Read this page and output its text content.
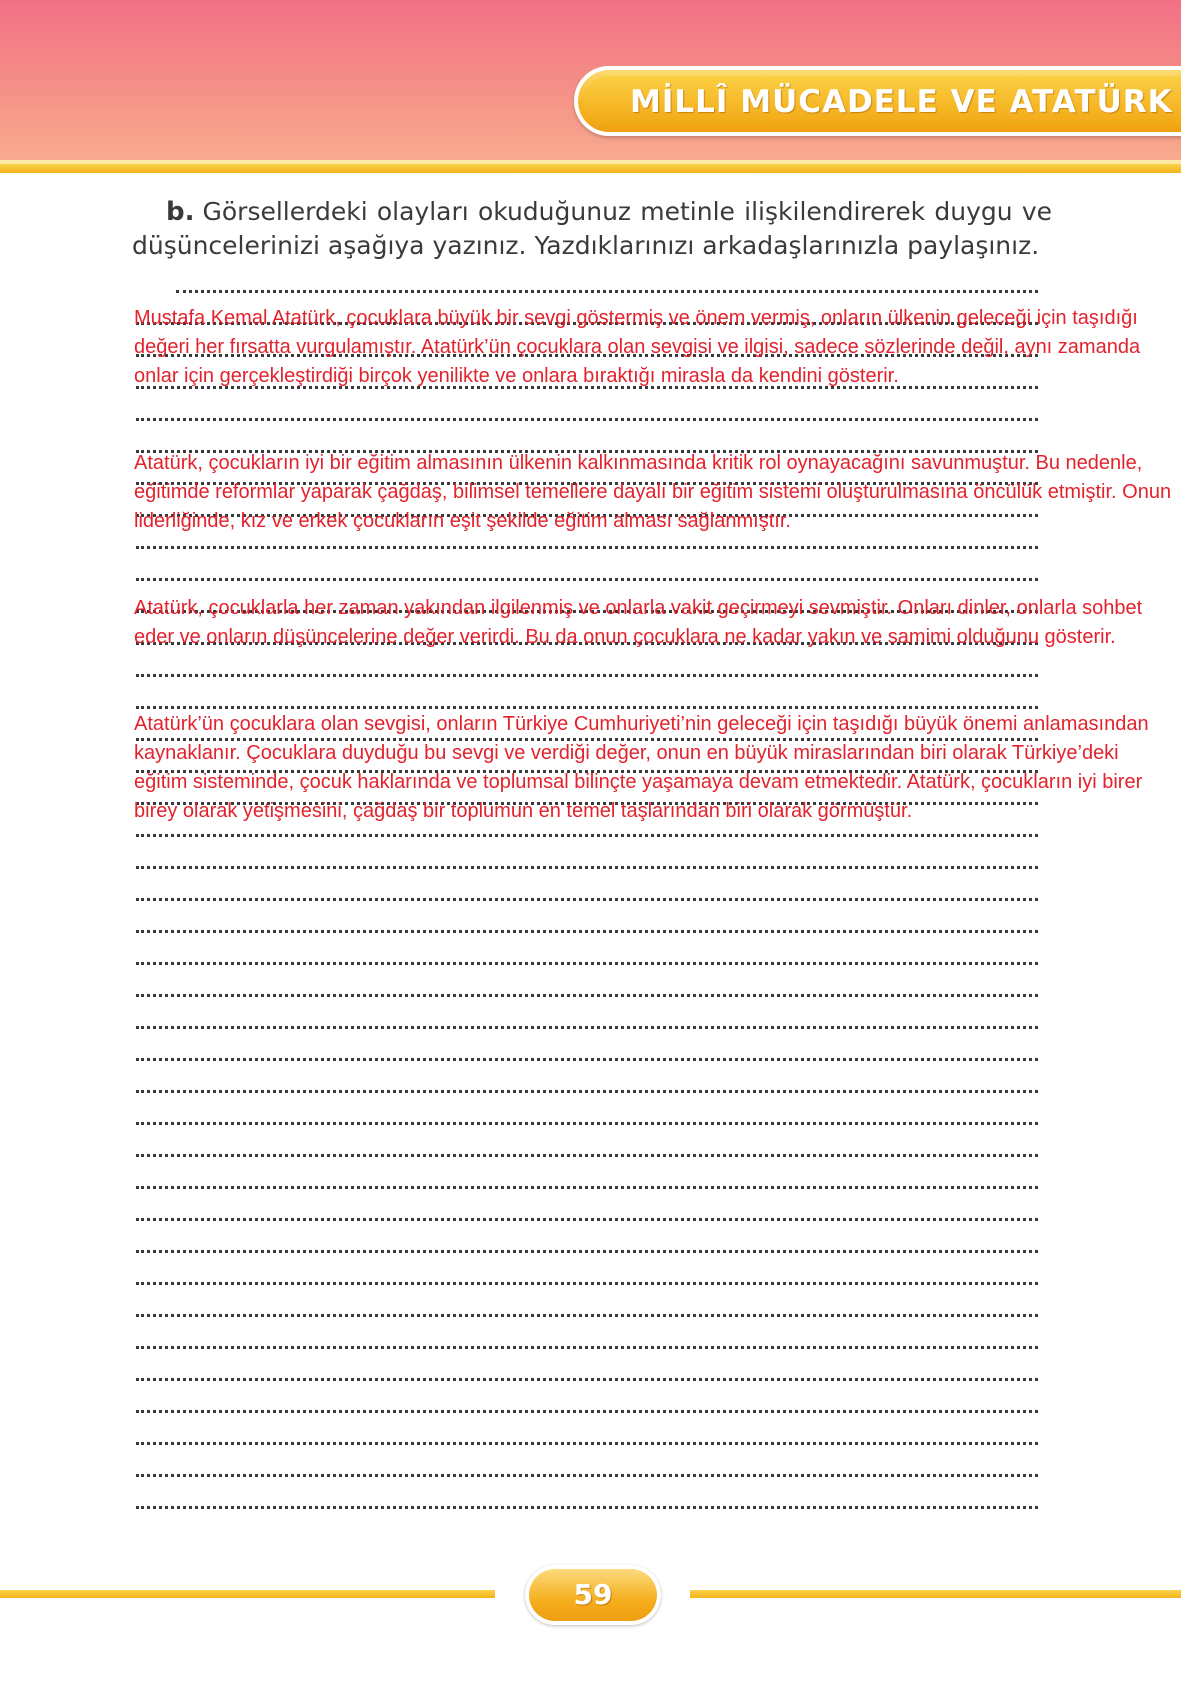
MİLLÎ MÜCADELE VE ATATÜRK
b. Görsellerdeki olayları okuduğunuz metinle ilişkilendirerek duygu ve düşüncelerinizi aşağıya yazınız. Yazdıklarınızı arkadaşlarınızla paylaşınız.
Mustafa Kemal Atatürk, çocuklara büyük bir sevgi göstermiş ve önem vermiş, onların ülkenin geleceği için taşıdığı değeri her fırsatta vurgulamıştır. Atatürk’ün çocuklara olan sevgisi ve ilgisi, sadece sözlerinde değil, aynı zamanda onlar için gerçekleştirdiği birçok yenilikte ve onlara bıraktığı mirasla da kendini gösterir.
Atatürk, çocukların iyi bir eğitim almasının ülkenin kalkınmasında kritik rol oynayacağını savunmuştur. Bu nedenle, eğitimde reformlar yaparak çağdaş, bilimsel temellere dayalı bir eğitim sistemi oluşturulmasına öncülük etmiştir. Onun liderliğinde, kız ve erkek çocukların eşit şekilde eğitim alması sağlanmıştır.
Atatürk, çocuklarla her zaman yakından ilgilenmiş ve onlarla vakit geçirmeyi sevmiştir. Onları dinler, onlarla sohbet eder ve onların düşüncelerine değer verirdi. Bu da onun çocuklara ne kadar yakın ve samimi olduğunu gösterir.
Atatürk’ün çocuklara olan sevgisi, onların Türkiye Cumhuriyeti’nin geleceği için taşıdığı büyük önemi anlamasından kaynaklanır. Çocuklara duyduğu bu sevgi ve verdiği değer, onun en büyük miraslarından biri olarak Türkiye’deki eğitim sisteminde, çocuk haklarında ve toplumsal bilinçte yaşamaya devam etmektedir. Atatürk, çocukların iyi birer birey olarak yetişmesini, çağdaş bir toplumun en temel taşlarından biri olarak görmüştür.
59
